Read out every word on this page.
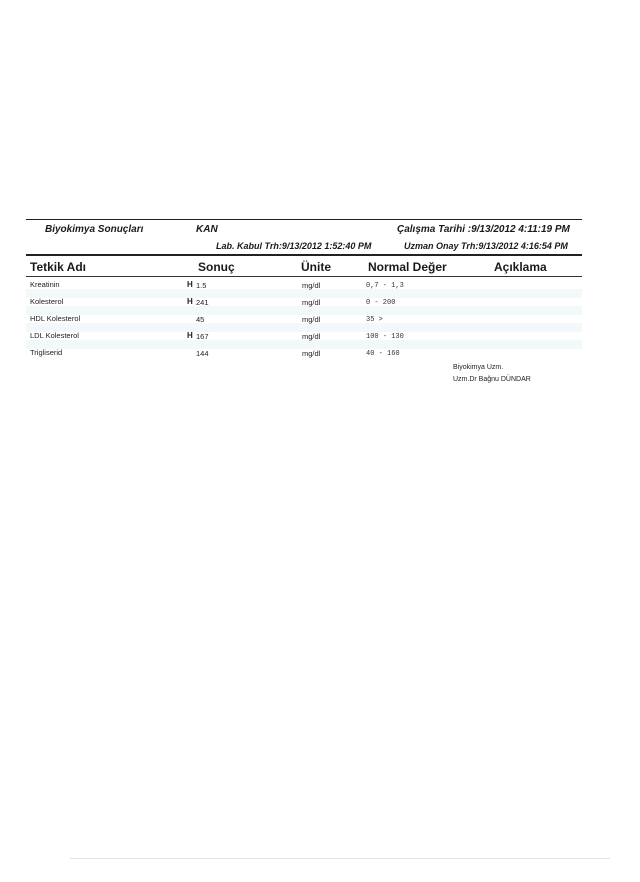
Biyokimya Sonuçları	KAN	Çalışma Tarihi :9/13/2012 4:11:19 PM
Lab. Kabul Trh:9/13/2012 1:52:40 PM	Uzman Onay Trh:9/13/2012 4:16:54 PM
Tetkik Adı	Sonuç	Ünite	Normal Değer	Açıklama
Kreatinin	H 1.5	mg/dl	0,7 - 1,3
Kolesterol	H 241	mg/dl	0 - 200
HDL Kolesterol	45	mg/dl	35 >
LDL Kolesterol	H 167	mg/dl	100 - 130
Trigliserid	144	mg/dl	40 - 160
Biyokimya Uzm.
Uzm.Dr Bağnu DÜNDAR
